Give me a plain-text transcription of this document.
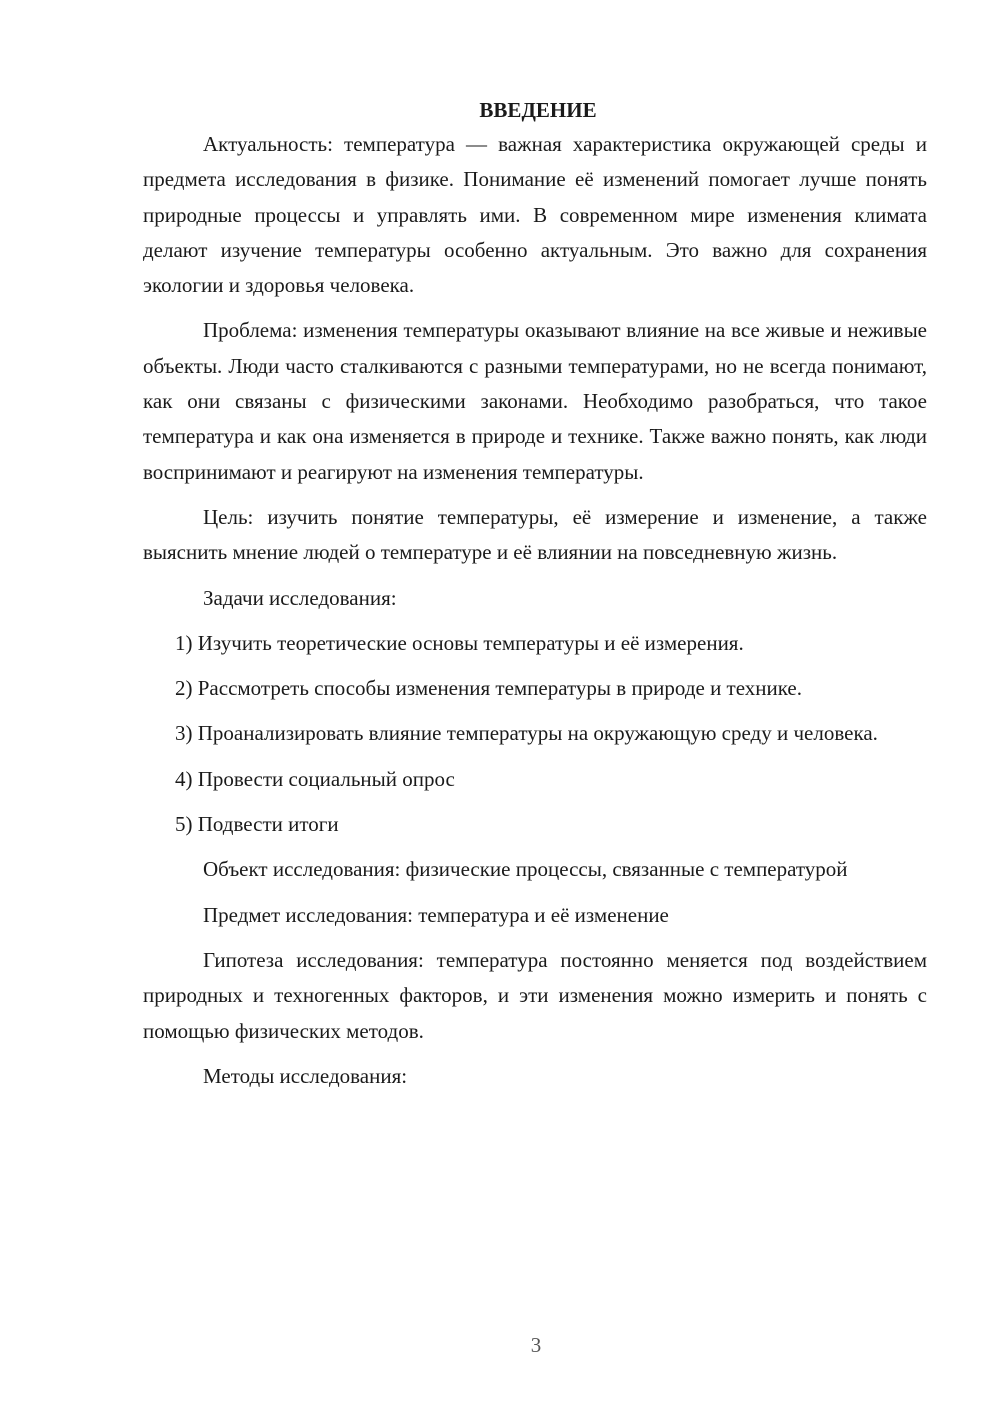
ВВЕДЕНИЕ

Актуальность: температура — важная характеристика окружающей среды и предмета исследования в физике. Понимание её изменений помогает лучше понять природные процессы и управлять ими. В современном мире изменения климата делают изучение температуры особенно актуальным. Это важно для сохранения экологии и здоровья человека.

Проблема: изменения температуры оказывают влияние на все живые и неживые объекты. Люди часто сталкиваются с разными температурами, но не всегда понимают, как они связаны с физическими законами. Необходимо разобраться, что такое температура и как она изменяется в природе и технике. Также важно понять, как люди воспринимают и реагируют на изменения температуры.

Цель: изучить понятие температуры, её измерение и изменение, а также выяснить мнение людей о температуре и её влиянии на повседневную жизнь.

Задачи исследования:

1) Изучить теоретические основы температуры и её измерения.

2) Рассмотреть способы изменения температуры в природе и технике.

3) Проанализировать влияние температуры на окружающую среду и человека.

4) Провести социальный опрос

5) Подвести итоги

Объект исследования: физические процессы, связанные с температурой

Предмет исследования: температура и её изменение

Гипотеза исследования: температура постоянно меняется под воздействием природных и техногенных факторов, и эти изменения можно измерить и понять с помощью физических методов.

Методы исследования:

3
